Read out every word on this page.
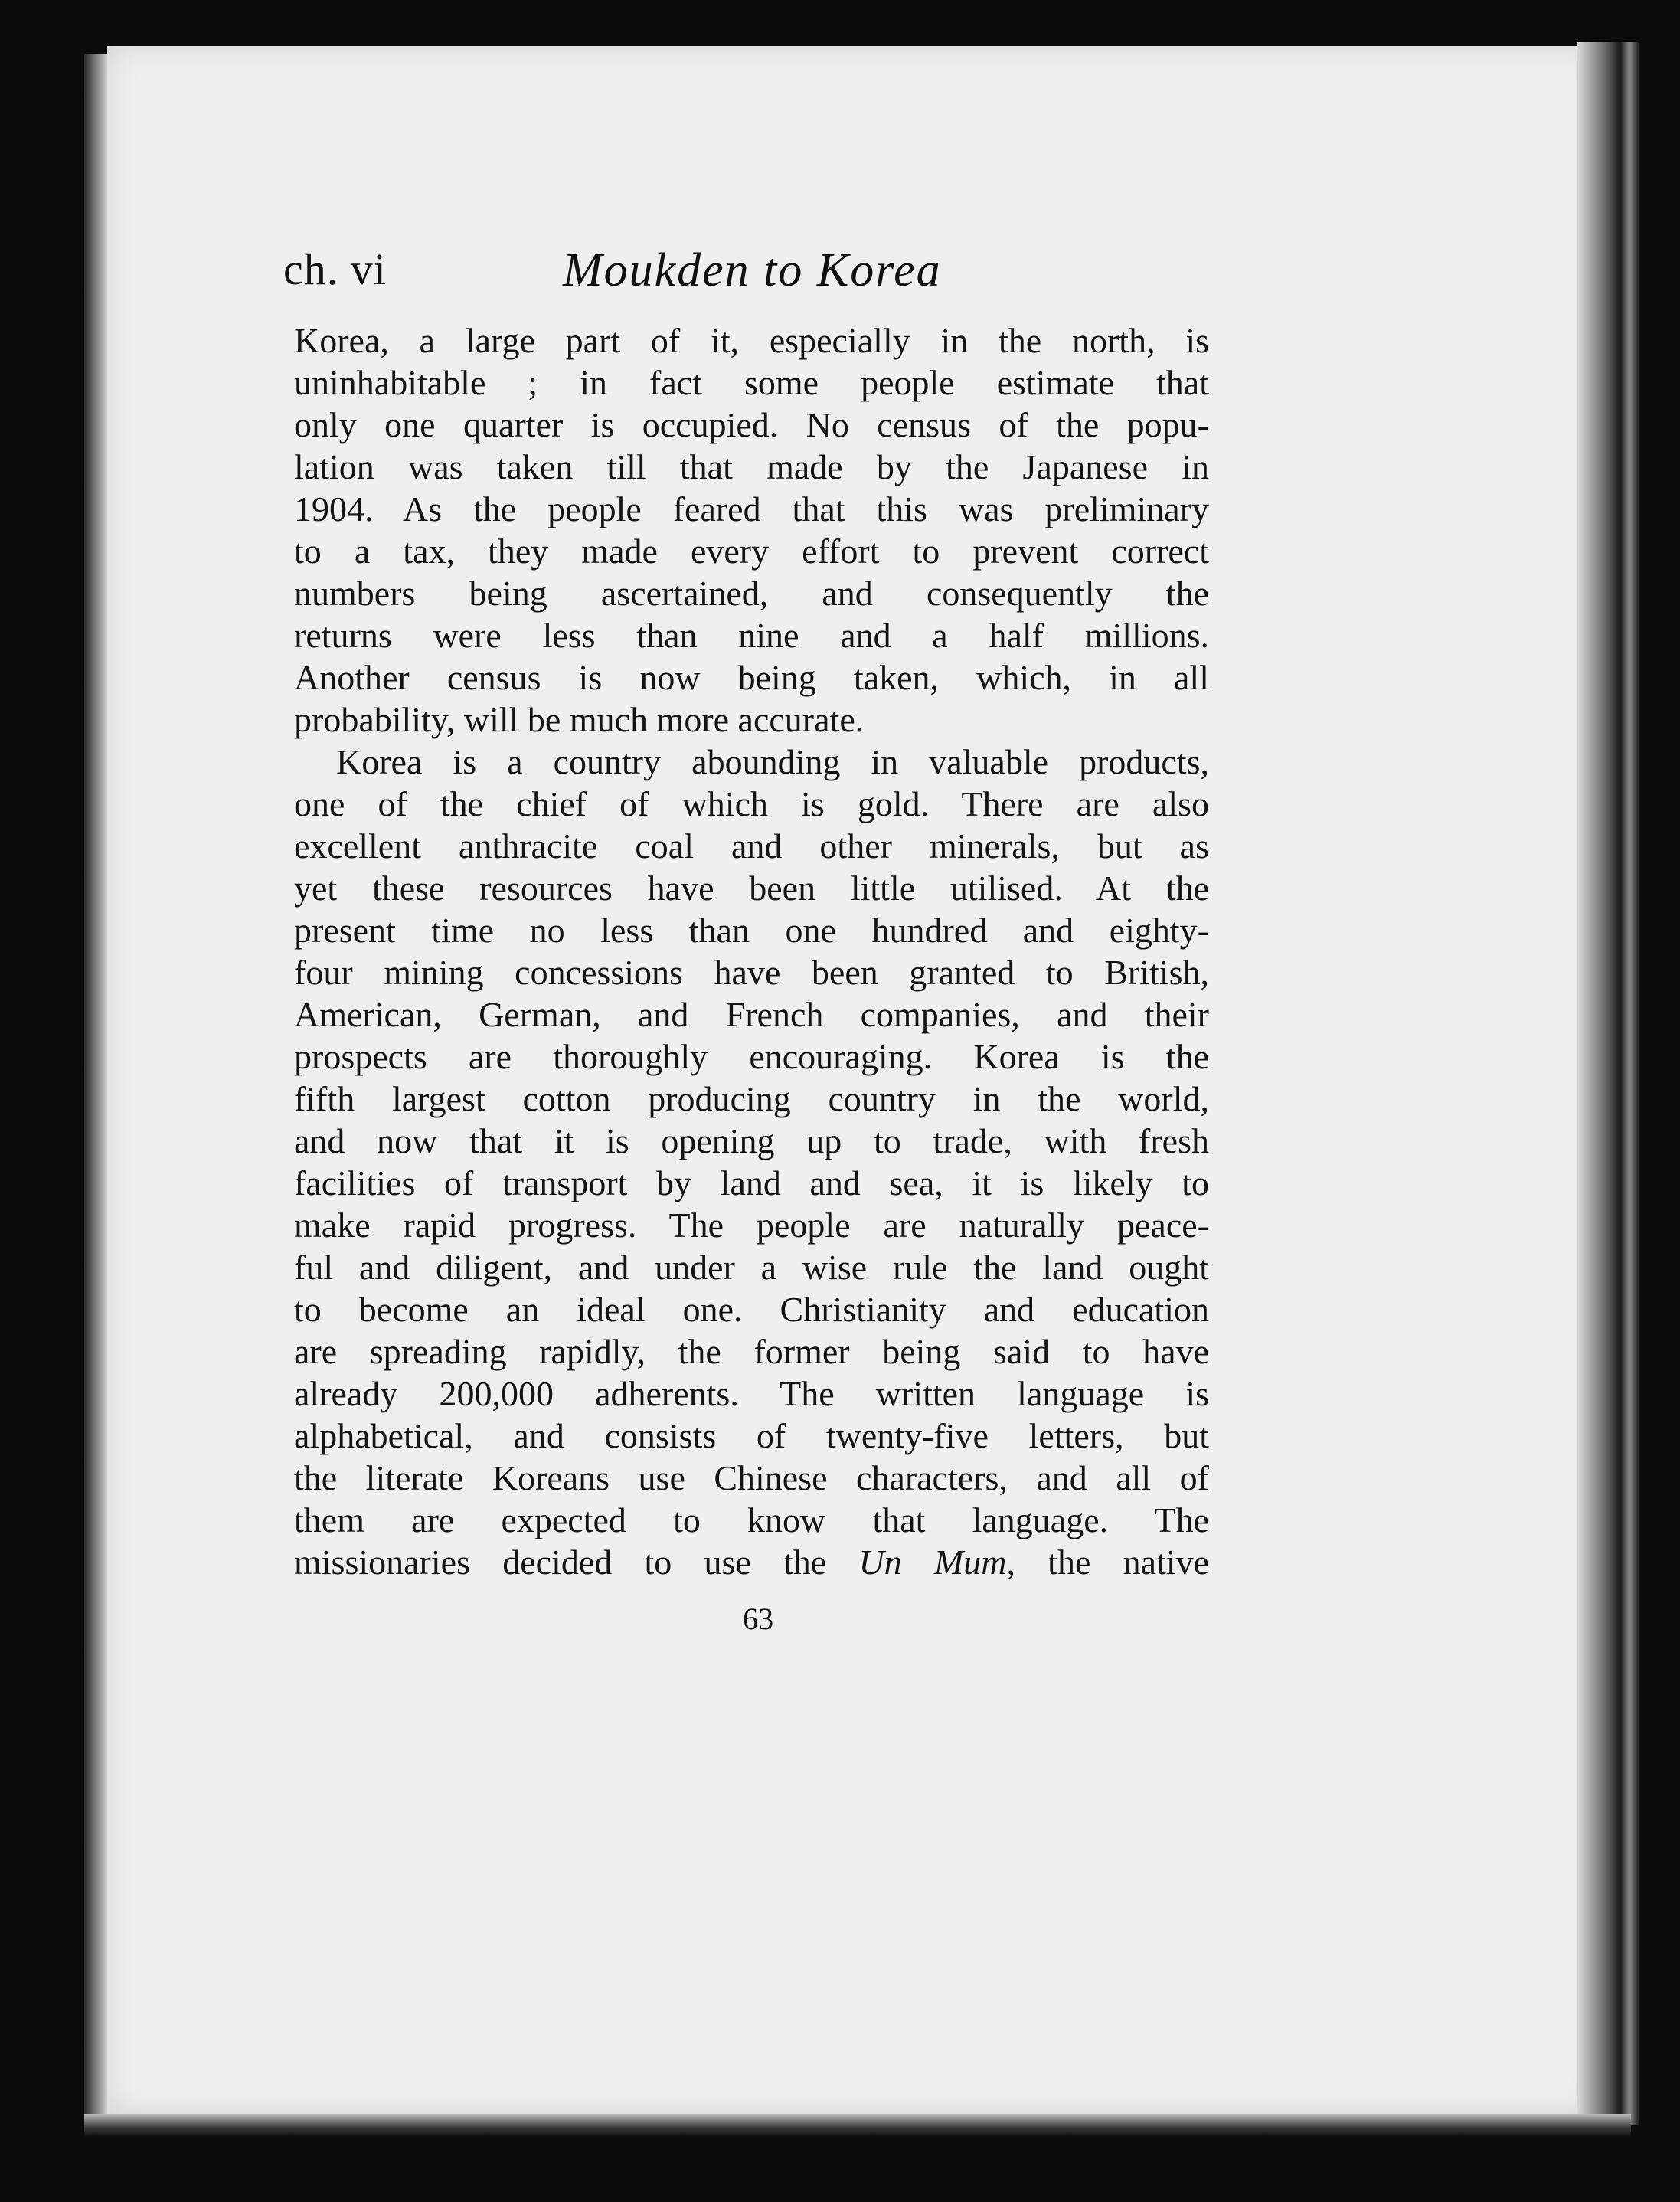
ch. vi	Moukden to Korea
Korea, a large part of it, especially in the north, is
uninhabitable ; in fact some people estimate that
only one quarter is occupied. No census of the popu-
lation was taken till that made by the Japanese in
1904. As the people feared that this was preliminary
to a tax, they made every effort to prevent correct
numbers being ascertained, and consequently the
returns were less than nine and a half millions.
Another census is now being taken, which, in all
probability, will be much more accurate.
Korea is a country abounding in valuable products,
one of the chief of which is gold. There are also
excellent anthracite coal and other minerals, but as
yet these resources have been little utilised. At the
present time no less than one hundred and eighty-
four mining concessions have been granted to British,
American, German, and French companies, and their
prospects are thoroughly encouraging. Korea is the
fifth largest cotton producing country in the world,
and now that it is opening up to trade, with fresh
facilities of transport by land and sea, it is likely to
make rapid progress. The people are naturally peace-
ful and diligent, and under a wise rule the land ought
to become an ideal one. Christianity and education
are spreading rapidly, the former being said to have
already 200,000 adherents. The written language is
alphabetical, and consists of twenty-five letters, but
the literate Koreans use Chinese characters, and all of
them are expected to know that language. The
missionaries decided to use the Un Mum, the native
63
